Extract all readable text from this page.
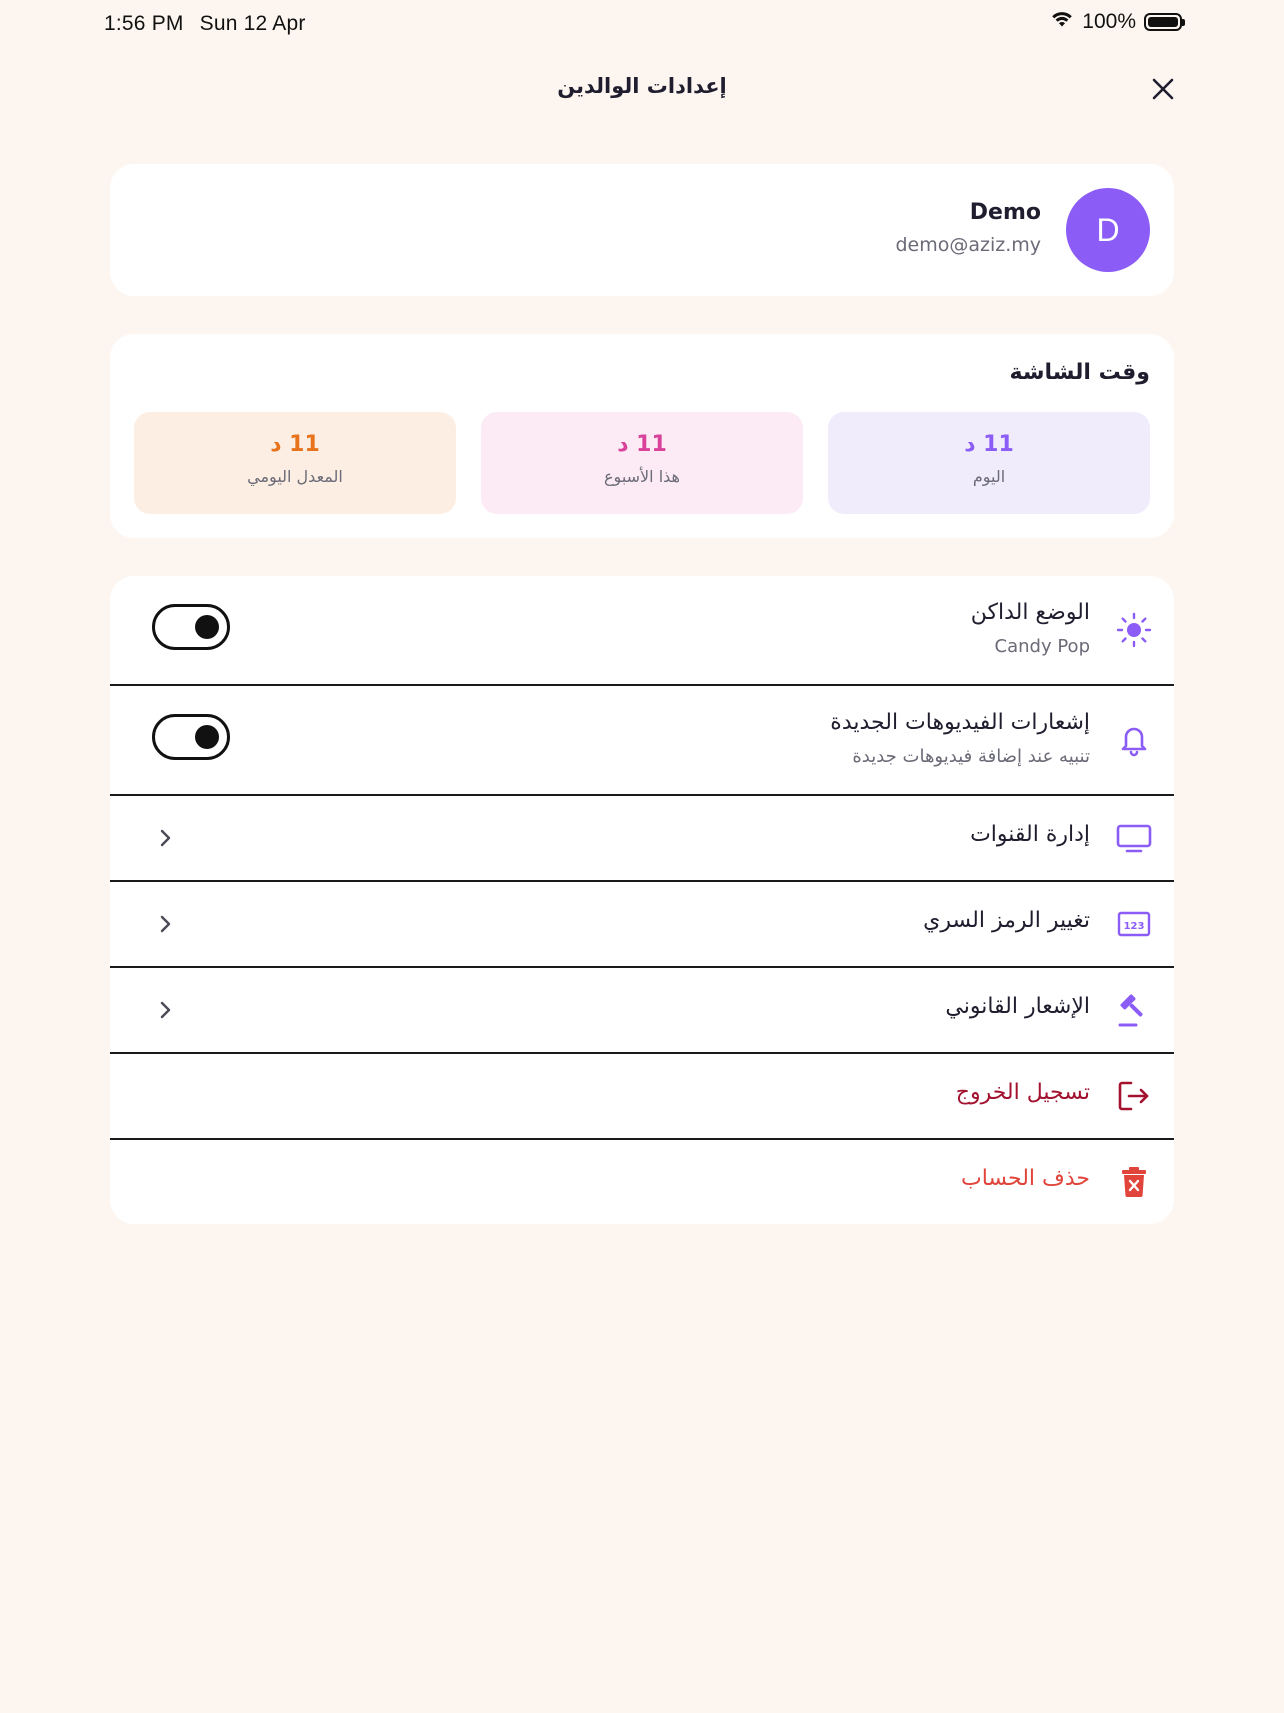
1:56 PM Sun 12 Apr	100%
إعدادات الوالدين
D
Demo
demo@aziz.my
وقت الشاشة
11 د
اليوم
11 د
هذا الأسبوع
11 د
المعدل اليومي
الوضع الداكن
Candy Pop
إشعارات الفيديوهات الجديدة
تنبيه عند إضافة فيديوهات جديدة
إدارة القنوات
123
تغيير الرمز السري
الإشعار القانوني
تسجيل الخروج
حذف الحساب
